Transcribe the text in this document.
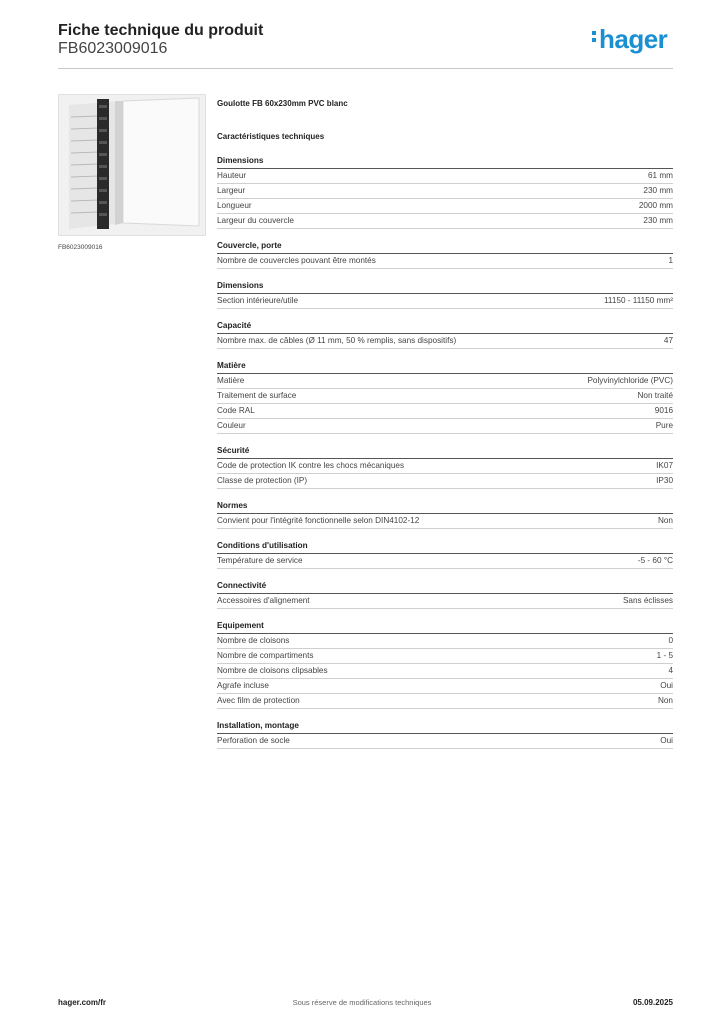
Fiche technique du produit
FB6023009016	hager
FB6023009016
Goulotte FB 60x230mm PVC blanc
Caractéristiques techniques
Dimensions
Hauteur	61 mm
Largeur	230 mm
Longueur	2000 mm
Largeur du couvercle	230 mm
Couvercle, porte
Nombre de couvercles pouvant être montés	1
Dimensions
Section intérieure/utile	11150 - 11150 mm²
Capacité
Nombre max. de câbles (Ø 11 mm, 50 % remplis, sans dispositifs)	47
Matière
Matière	Polyvinylchloride (PVC)
Traitement de surface	Non traité
Code RAL	9016
Couleur	Pure
Sécurité
Code de protection IK contre les chocs mécaniques	IK07
Classe de protection (IP)	IP30
Normes
Convient pour l'intégrité fonctionnelle selon DIN4102-12	Non
Conditions d'utilisation
Température de service	-5 - 60 °C
Connectivité
Accessoires d'alignement	Sans éclisses
Equipement
Nombre de cloisons	0
Nombre de compartiments	1 - 5
Nombre de cloisons clipsables	4
Agrafe incluse	Oui
Avec film de protection	Non
Installation, montage
Perforation de socle	Oui
hager.com/fr	Sous réserve de modifications techniques	05.09.2025
